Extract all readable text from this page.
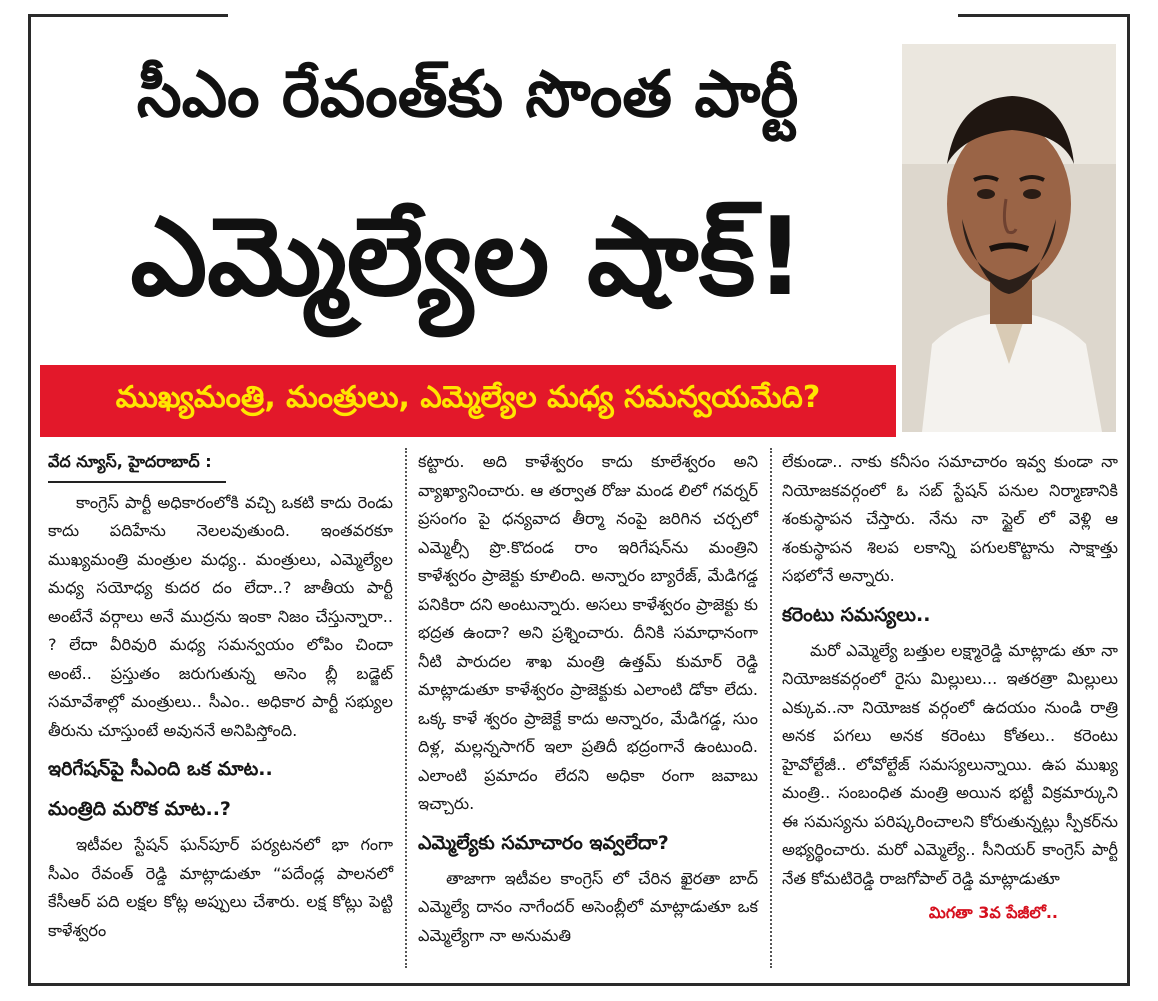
సీఎం రేవంత్‌కు సొంత పార్టీ
ఎమ్మెల్యేల షాక్!
ముఖ్యమంత్రి, మంత్రులు, ఎమ్మెల్యేల మధ్య సమన్వయమేది?
వేద న్యూస్, హైదరాబాద్ :

కాంగ్రెస్ పార్టీ అధికారంలోకి వచ్చి ఒకటి కాదు రెండు కాదు పదిహేను నెలలవుతుంది. ఇంతవరకూ ముఖ్యమంత్రి మంత్రుల మధ్య.. మంత్రులు, ఎమ్మెల్యేల మధ్య సయోధ్య కుదర దం లేదా..? జాతీయ పార్టీ అంటేనే వర్గాలు అనే ముద్రను ఇంకా నిజం చేస్తున్నారా.. ? లేదా వీరివురి మధ్య సమన్వయం లోపిం చిందా అంటే.. ప్రస్తుతం జరుగుతున్న అసెం బ్లీ బడ్జెట్ సమావేశాల్లో మంత్రులు.. సీఎం.. అధికార పార్టీ సభ్యుల తీరును చూస్తుంటే అవుననే అనిపిస్తోంది.

ఇరిగేషన్‌పై సీఎంది ఒక మాట..
మంత్రిది మరొక మాట..?

ఇటీవల స్టేషన్ ఘన్‌పూర్ పర్యటనలో భా గంగా సీఎం రేవంత్ రెడ్డి మాట్లాడుతూ “పదేండ్ల పాలనలో కేసీఆర్ పది లక్షల కోట్ల అప్పులు చేశారు. లక్ష కోట్లు పెట్టి కాళేశ్వరం

కట్టారు. అది కాళేశ్వరం కాదు కూలేశ్వరం అని వ్యాఖ్యానించారు. ఆ తర్వాత రోజు మండ లిలో గవర్నర్ ప్రసంగం పై ధన్యవాద తీర్మా నంపై జరిగిన చర్చలో ఎమ్మెల్సీ ప్రొ.కొదండ రాం ఇరిగేషన్‌ను మంత్రిని కాళేశ్వరం ప్రాజెక్టు కూలింది. అన్నారం బ్యారేజ్, మేడిగడ్డ పనికిరా దని అంటున్నారు. అసలు కాళేశ్వరం ప్రాజెక్టు కు భద్రత ఉందా? అని ప్రశ్నించారు. దీనికి సమాధానంగా నీటి పారుదల శాఖ మంత్రి ఉత్తమ్ కుమార్ రెడ్డి మాట్లాడుతూ కాళేశ్వరం ప్రాజెక్టుకు ఎలాంటి డోకా లేదు. ఒక్క కాళే శ్వరం ప్రాజెక్టే కాదు అన్నారం, మేడిగడ్డ, సుం దిళ్ల, మల్లన్నసాగర్ ఇలా ప్రతిదీ భద్రంగానే ఉంటుంది. ఎలాంటి ప్రమాదం లేదని అధికా రంగా జవాబు ఇచ్చారు.

ఎమ్మెల్యేకు సమాచారం ఇవ్వలేదా?

తాజాగా ఇటీవల కాంగ్రెస్ లో చేరిన ఖైరతా బాద్ ఎమ్మెల్యే దానం నాగేందర్ అసెంబ్లీలో మాట్లాడుతూ ఒక ఎమ్మెల్యేగా నా అనుమతి

లేకుండా.. నాకు కనీసం సమాచారం ఇవ్వ కుండా నా నియోజకవర్గంలో ఓ సబ్ స్టేషన్ పనుల నిర్మాణానికి శంకుస్థాపన చేస్తారు. నేను నా స్టైల్ లో వెళ్లి ఆ శంకుస్థాపన శిలప లకాన్ని పగులకొట్టాను సాక్షాత్తు సభలోనే అన్నారు.

కరెంటు సమస్యలు..

మరో ఎమ్మెల్యే బత్తుల లక్ష్మారెడ్డి మాట్లాడు తూ నా నియోజకవర్గంలో రైసు మిల్లులు... ఇతరత్రా మిల్లులు ఎక్కువ..నా నియోజక వర్గంలో ఉదయం నుండి రాత్రి అనక పగలు అనక కరెంటు కోతలు.. కరెంటు హైవోల్టేజీ.. లోవోల్టేజ్ సమస్యలున్నాయి. ఉప ముఖ్య మంత్రి.. సంబంధిత మంత్రి అయిన భట్టీ విక్రమార్కుని ఈ సమస్యను పరిష్కరించాలని కోరుతున్నట్లు స్పీకర్‌ను అభ్యర్థించారు. మరో ఎమ్మెల్యే.. సీనియర్ కాంగ్రెస్ పార్టీ నేత కోమటిరెడ్డి రాజగోపాల్ రెడ్డి మాట్లాడుతూ

మిగతా 3వ పేజీలో..
